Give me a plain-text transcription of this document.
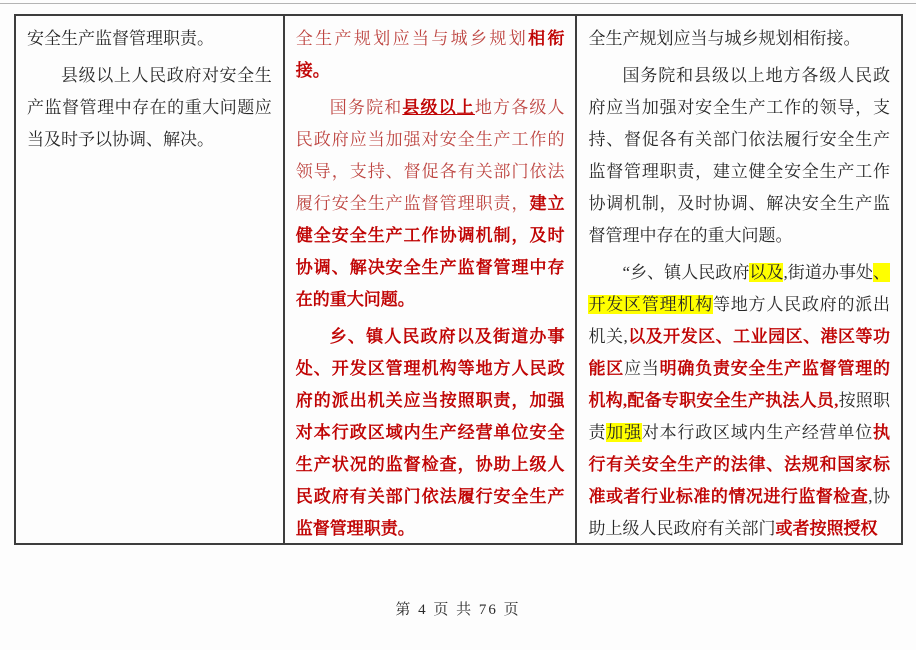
安全生产监督管理职责。

县级以上人民政府对安全生产监督管理中存在的重大问题应当及时予以协调、解决。

全生产规划应当与城乡规划相衔接。

国务院和县级以上地方各级人民政府应当加强对安全生产工作的领导，支持、督促各有关部门依法履行安全生产监督管理职责，建立健全安全生产工作协调机制，及时协调、解决安全生产监督管理中存在的重大问题。

乡、镇人民政府以及街道办事处、开发区管理机构等地方人民政府的派出机关应当按照职责，加强对本行政区域内生产经营单位安全生产状况的监督检查，协助上级人民政府有关部门依法履行安全生产监督管理职责。

全生产规划应当与城乡规划相衔接。

国务院和县级以上地方各级人民政府应当加强对安全生产工作的领导，支持、督促各有关部门依法履行安全生产监督管理职责，建立健全安全生产工作协调机制，及时协调、解决安全生产监督管理中存在的重大问题。

“乡、镇人民政府以及,街道办事处、开发区管理机构等地方人民政府的派出机关,以及开发区、工业园区、港区等功能区应当明确负责安全生产监督管理的机构,配备专职安全生产执法人员,按照职责加强对本行政区域内生产经营单位执行有关安全生产的法律、法规和国家标准或者行业标准的情况进行监督检查,协助上级人民政府有关部门或者按照授权

第 4 页 共 76 页
